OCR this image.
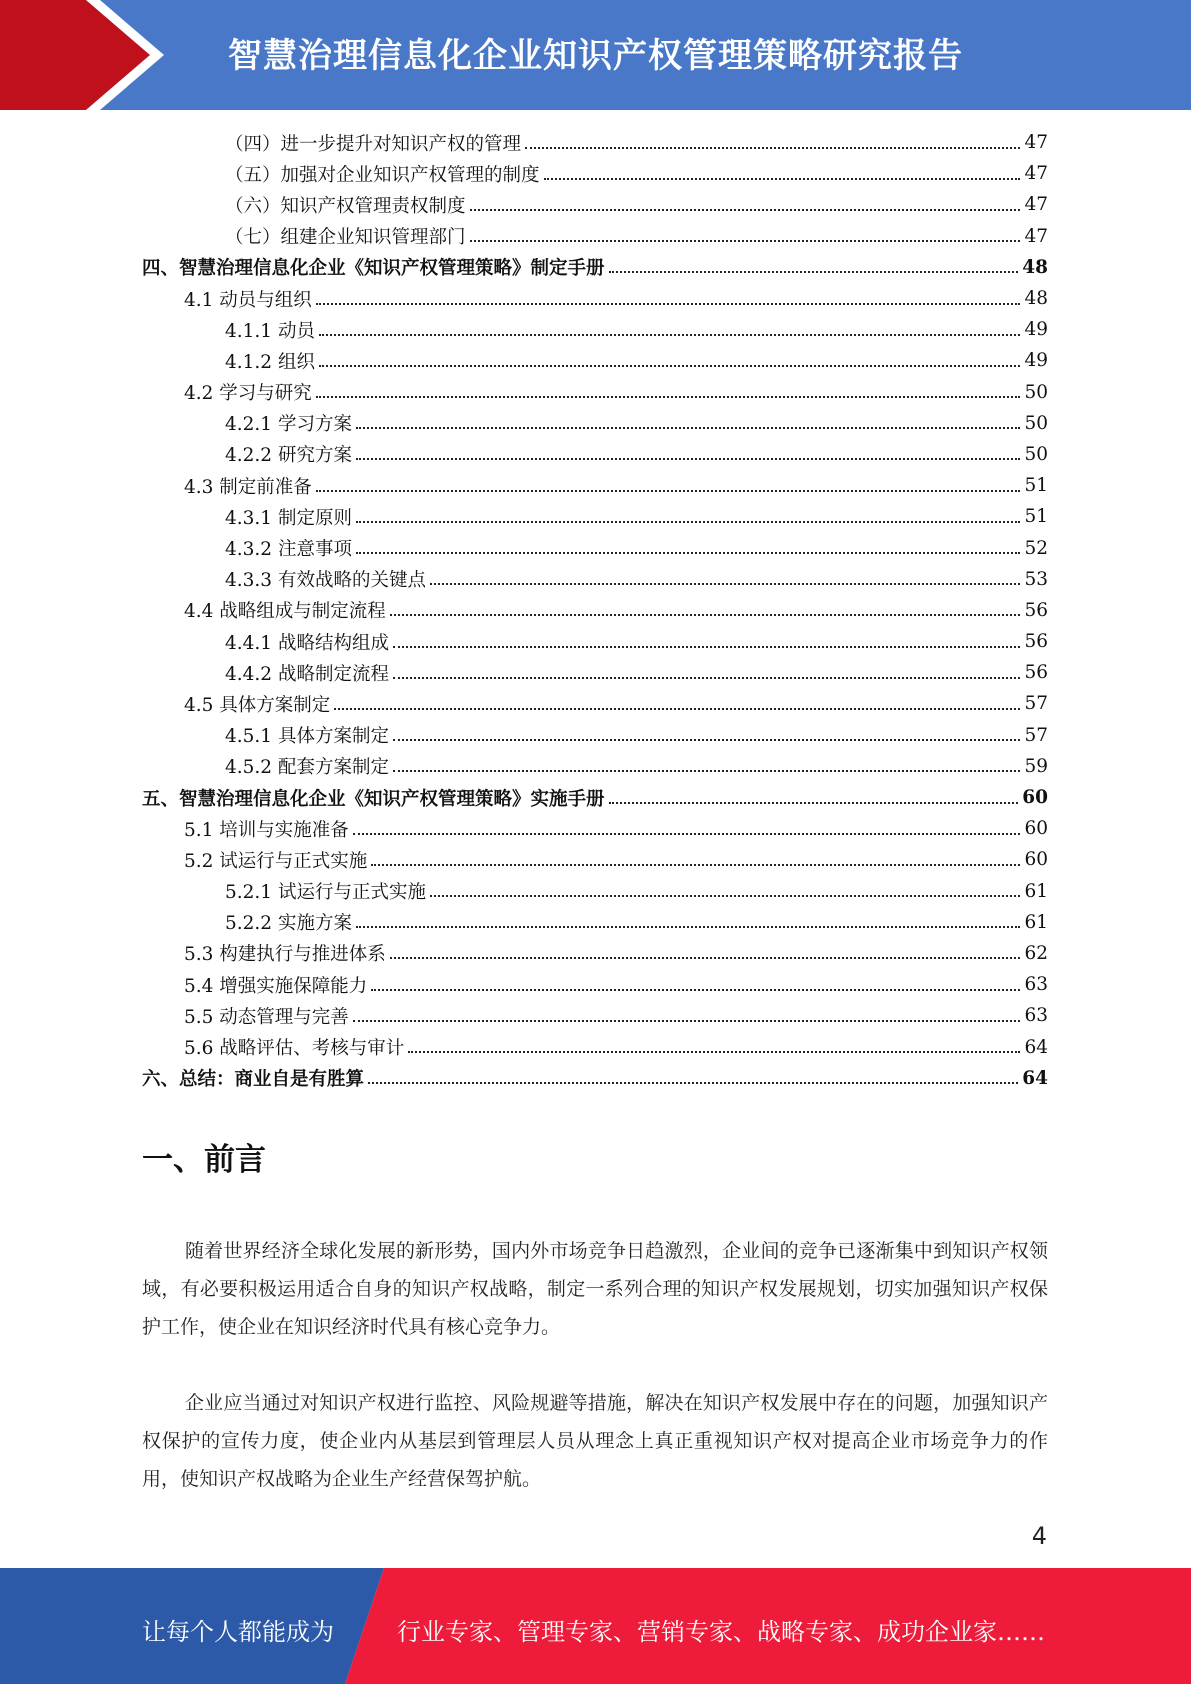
智慧治理信息化企业知识产权管理策略研究报告
（四）进一步提升对知识产权的管理	47
（五）加强对企业知识产权管理的制度	47
（六）知识产权管理责权制度	47
（七）组建企业知识管理部门	47
四、智慧治理信息化企业《知识产权管理策略》制定手册	48
4.1 动员与组织	48
4.1.1 动员	49
4.1.2 组织	49
4.2 学习与研究	50
4.2.1 学习方案	50
4.2.2 研究方案	50
4.3 制定前准备	51
4.3.1 制定原则	51
4.3.2 注意事项	52
4.3.3 有效战略的关键点	53
4.4 战略组成与制定流程	56
4.4.1 战略结构组成	56
4.4.2 战略制定流程	56
4.5 具体方案制定	57
4.5.1 具体方案制定	57
4.5.2 配套方案制定	59
五、智慧治理信息化企业《知识产权管理策略》实施手册	60
5.1 培训与实施准备	60
5.2 试运行与正式实施	60
5.2.1 试运行与正式实施	61
5.2.2 实施方案	61
5.3 构建执行与推进体系	62
5.4 增强实施保障能力	63
5.5 动态管理与完善	63
5.6 战略评估、考核与审计	64
六、总结：商业自是有胜算	64
一、前言
随着世界经济全球化发展的新形势，国内外市场竞争日趋激烈，企业间的竞争已逐渐集中到知识产权领域，有必要积极运用适合自身的知识产权战略，制定一系列合理的知识产权发展规划，切实加强知识产权保护工作，使企业在知识经济时代具有核心竞争力。
企业应当通过对知识产权进行监控、风险规避等措施，解决在知识产权发展中存在的问题，加强知识产权保护的宣传力度，使企业内从基层到管理层人员从理念上真正重视知识产权对提高企业市场竞争力的作用，使知识产权战略为企业生产经营保驾护航。
4
让每个人都能成为	行业专家、管理专家、营销专家、战略专家、成功企业家……
